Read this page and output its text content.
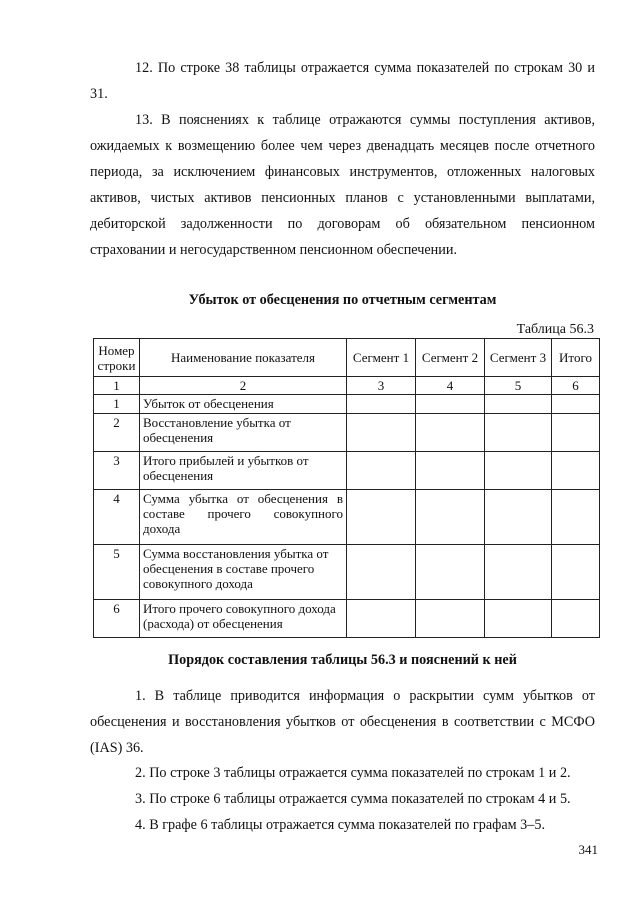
12. По строке 38 таблицы отражается сумма показателей по строкам 30 и 31.
13. В пояснениях к таблице отражаются суммы поступления активов, ожидаемых к возмещению более чем через двенадцать месяцев после отчетного периода, за исключением финансовых инструментов, отложенных налоговых активов, чистых активов пенсионных планов с установленными выплатами, дебиторской задолженности по договорам об обязательном пенсионном страховании и негосударственном пенсионном обеспечении.
Убыток от обесценения по отчетным сегментам
Таблица 56.3
Номер строки	Наименование показателя	Сегмент 1	Сегмент 2	Сегмент 3	Итого
1	2	3	4	5	6
1	Убыток от обесценения				
2	Восстановление убытка от обесценения				
3	Итого прибылей и убытков от обесценения				
4	Сумма убытка от обесценения в составе прочего совокупного дохода				
5	Сумма восстановления убытка от обесценения в составе прочего совокупного дохода				
6	Итого прочего совокупного дохода (расхода) от обесценения				
Порядок составления таблицы 56.3 и пояснений к ней
1. В таблице приводится информация о раскрытии сумм убытков от обесценения и восстановления убытков от обесценения в соответствии с МСФО (IAS) 36.
2. По строке 3 таблицы отражается сумма показателей по строкам 1 и 2.
3. По строке 6 таблицы отражается сумма показателей по строкам 4 и 5.
4. В графе 6 таблицы отражается сумма показателей по графам 3–5.
341
